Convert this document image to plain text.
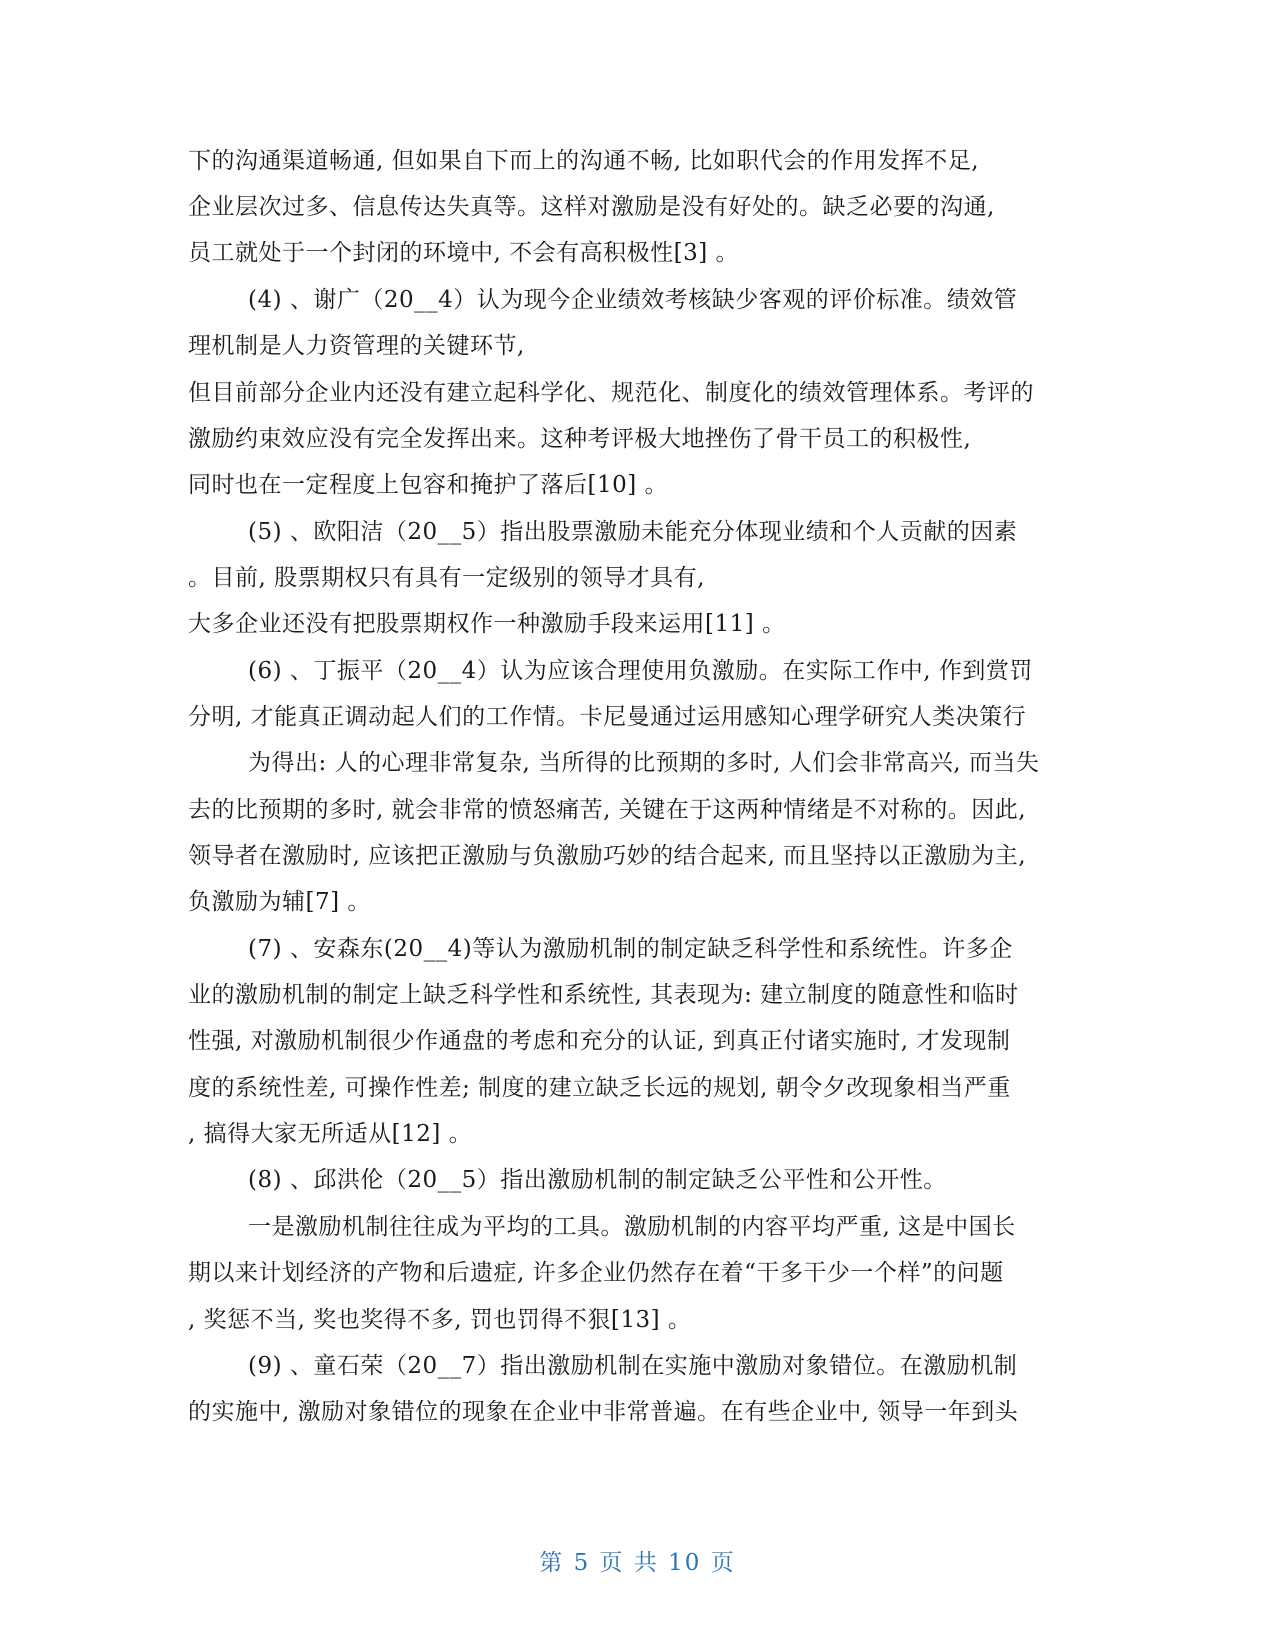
下的沟通渠道畅通, 但如果自下而上的沟通不畅, 比如职代会的作用发挥不足,
企业层次过多、信息传达失真等。这样对激励是没有好处的。缺乏必要的沟通,
员工就处于一个封闭的环境中, 不会有高积极性[3] 。
(4) 、谢广（20__4）认为现今企业绩效考核缺少客观的评价标准。绩效管
理机制是人力资管理的关键环节,
但目前部分企业内还没有建立起科学化、规范化、制度化的绩效管理体系。考评的
激励约束效应没有完全发挥出来。这种考评极大地挫伤了骨干员工的积极性,
同时也在一定程度上包容和掩护了落后[10] 。
(5) 、欧阳洁（20__5）指出股票激励未能充分体现业绩和个人贡献的因素
。目前, 股票期权只有具有一定级别的领导才具有,
大多企业还没有把股票期权作一种激励手段来运用[11] 。
(6) 、丁振平（20__4）认为应该合理使用负激励。在实际工作中, 作到赏罚
分明, 才能真正调动起人们的工作情。卡尼曼通过运用感知心理学研究人类决策行
为得出: 人的心理非常复杂, 当所得的比预期的多时, 人们会非常高兴, 而当失
去的比预期的多时, 就会非常的愤怒痛苦, 关键在于这两种情绪是不对称的。因此,
领导者在激励时, 应该把正激励与负激励巧妙的结合起来, 而且坚持以正激励为主,
负激励为辅[7] 。
(7) 、安森东(20__4)等认为激励机制的制定缺乏科学性和系统性。许多企
业的激励机制的制定上缺乏科学性和系统性, 其表现为: 建立制度的随意性和临时
性强, 对激励机制很少作通盘的考虑和充分的认证, 到真正付诸实施时, 才发现制
度的系统性差, 可操作性差; 制度的建立缺乏长远的规划, 朝令夕改现象相当严重
, 搞得大家无所适从[12] 。
(8) 、邱洪伦（20__5）指出激励机制的制定缺乏公平性和公开性。
一是激励机制往往成为平均的工具。激励机制的内容平均严重, 这是中国长
期以来计划经济的产物和后遗症, 许多企业仍然存在着“干多干少一个样”的问题
, 奖惩不当, 奖也奖得不多, 罚也罚得不狠[13] 。
(9) 、童石荣（20__7）指出激励机制在实施中激励对象错位。在激励机制
的实施中, 激励对象错位的现象在企业中非常普遍。在有些企业中, 领导一年到头
第 5 页 共 10 页
